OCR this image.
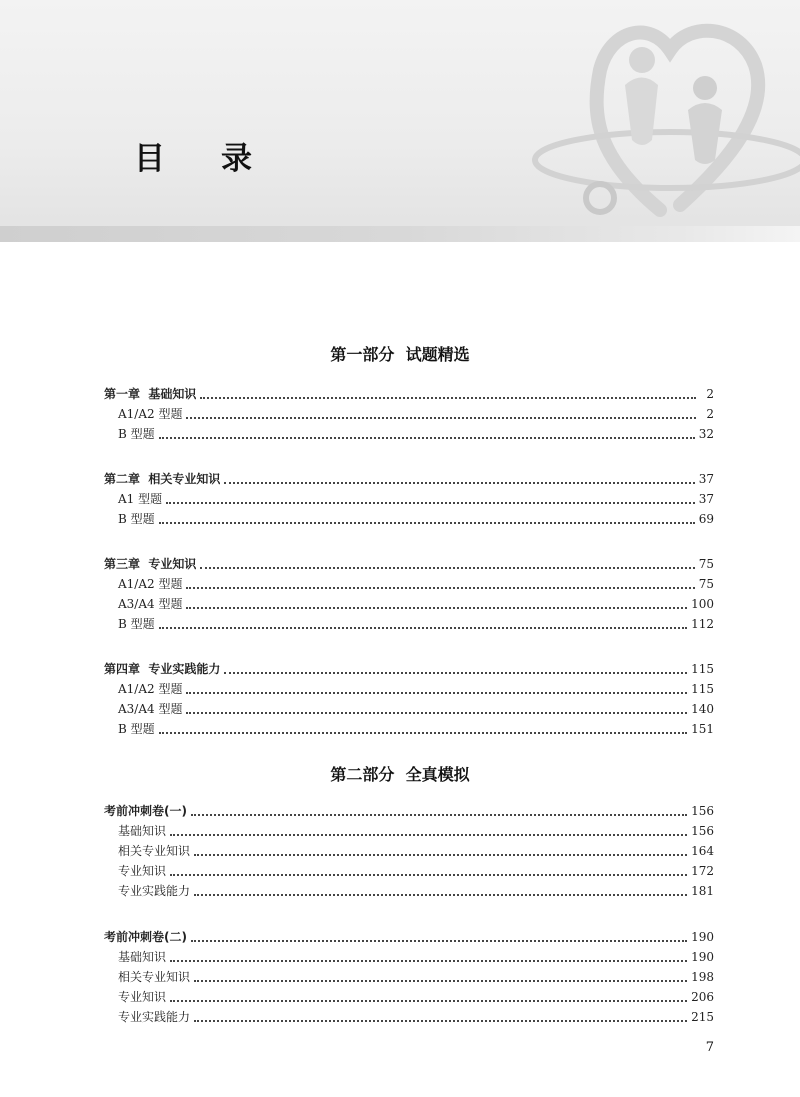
目录
第一部分  试题精选
第一章  基础知识	2
A1/A2 型题	2
B 型题	32
第二章  相关专业知识	37
A1 型题	37
B 型题	69
第三章  专业知识	75
A1/A2 型题	75
A3/A4 型题	100
B 型题	112
第四章  专业实践能力	115
A1/A2 型题	115
A3/A4 型题	140
B 型题	151
第二部分  全真模拟
考前冲刺卷(一)	156
基础知识	156
相关专业知识	164
专业知识	172
专业实践能力	181
考前冲刺卷(二)	190
基础知识	190
相关专业知识	198
专业知识	206
专业实践能力	215
7
